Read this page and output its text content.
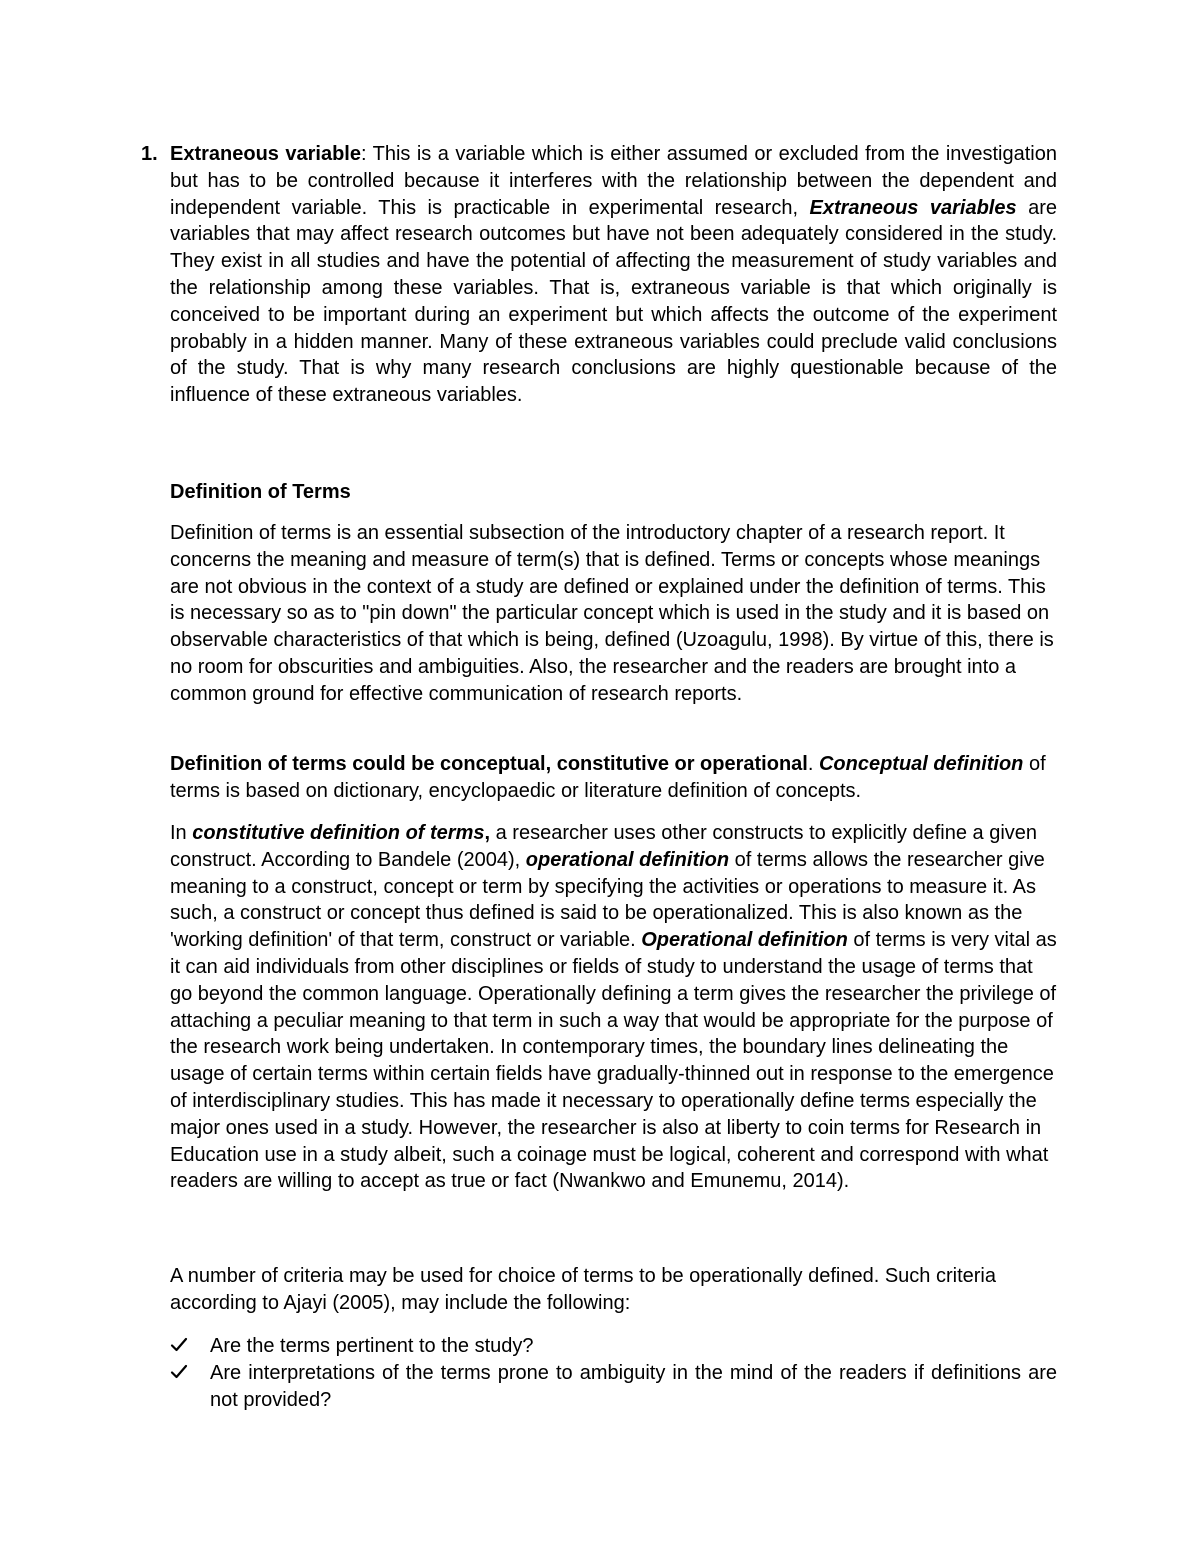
1. Extraneous variable: This is a variable which is either assumed or excluded from the investigation but has to be controlled because it interferes with the relationship between the dependent and independent variable. This is practicable in experimental research, Extraneous variables are variables that may affect research outcomes but have not been adequately considered in the study. They exist in all studies and have the potential of affecting the measurement of study variables and the relationship among these variables. That is, extraneous variable is that which originally is conceived to be important during an experiment but which affects the outcome of the experiment probably in a hidden manner. Many of these extraneous variables could preclude valid conclusions of the study. That is why many research conclusions are highly questionable because of the influence of these extraneous variables.
Definition of Terms
Definition of terms is an essential subsection of the introductory chapter of a research report. It concerns the meaning and measure of term(s) that is defined. Terms or concepts whose meanings are not obvious in the context of a study are defined or explained under the definition of terms. This is necessary so as to "pin down" the particular concept which is used in the study and it is based on observable characteristics of that which is being, defined (Uzoagulu, 1998). By virtue of this, there is no room for obscurities and ambiguities. Also, the researcher and the readers are brought into a common ground for effective communication of research reports.
Definition of terms could be conceptual, constitutive or operational. Conceptual definition of terms is based on dictionary, encyclopaedic or literature definition of concepts.
In constitutive definition of terms, a researcher uses other constructs to explicitly define a given construct. According to Bandele (2004), operational definition of terms allows the researcher give meaning to a construct, concept or term by specifying the activities or operations to measure it. As such, a construct or concept thus defined is said to be operationalized. This is also known as the 'working definition' of that term, construct or variable. Operational definition of terms is very vital as it can aid individuals from other disciplines or fields of study to understand the usage of terms that go beyond the common language. Operationally defining a term gives the researcher the privilege of attaching a peculiar meaning to that term in such a way that would be appropriate for the purpose of the research work being undertaken. In contemporary times, the boundary lines delineating the usage of certain terms within certain fields have gradually-thinned out in response to the emergence of interdisciplinary studies. This has made it necessary to operationally define terms especially the major ones used in a study. However, the researcher is also at liberty to coin terms for Research in Education use in a study albeit, such a coinage must be logical, coherent and correspond with what readers are willing to accept as true or fact (Nwankwo and Emunemu, 2014).
A number of criteria may be used for choice of terms to be operationally defined. Such criteria according to Ajayi (2005), may include the following:
Are the terms pertinent to the study?
Are interpretations of the terms prone to ambiguity in the mind of the readers if definitions are not provided?
